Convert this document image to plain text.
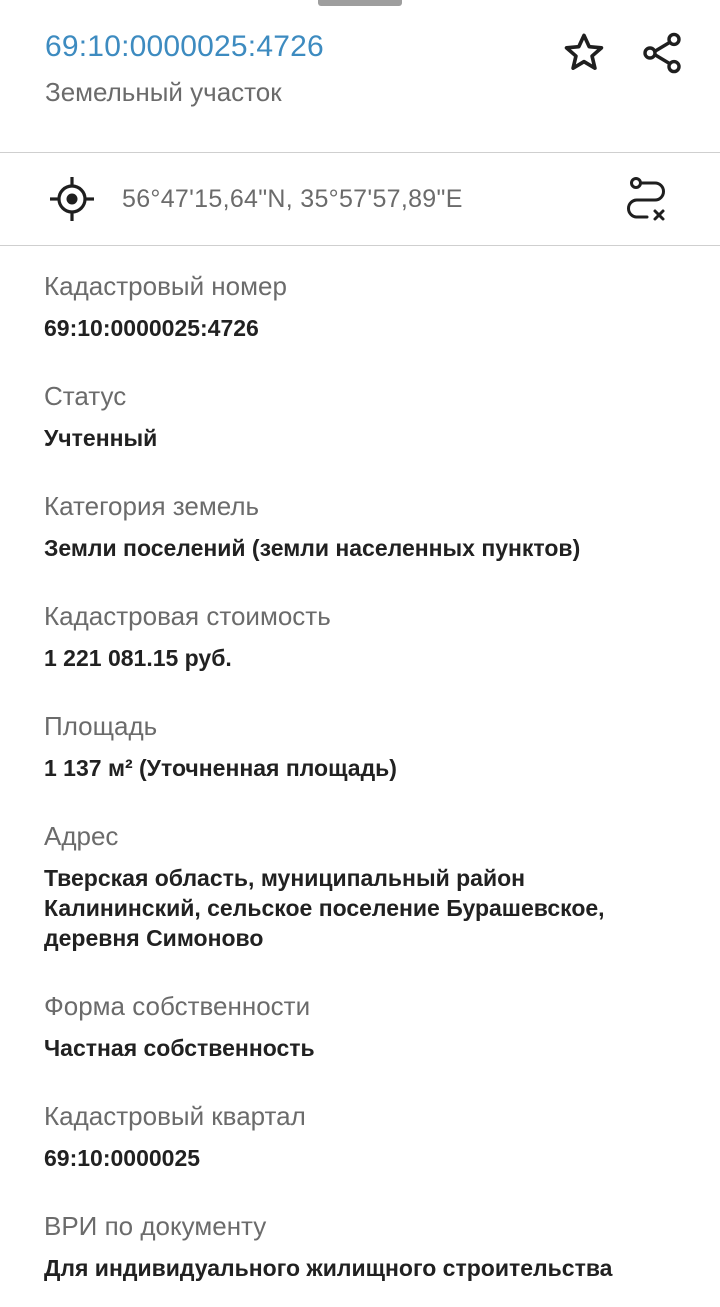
69:10:0000025:4726
Земельный участок
56°47'15,64"N, 35°57'57,89"E
Кадастровый номер
69:10:0000025:4726
Статус
Учтенный
Категория земель
Земли поселений (земли населенных пунктов)
Кадастровая стоимость
1 221 081.15 руб.
Площадь
1 137 м² (Уточненная площадь)
Адрес
Тверская область, муниципальный район Калининский, сельское поселение Бурашевское, деревня Симоново
Форма собственности
Частная собственность
Кадастровый квартал
69:10:0000025
ВРИ по документу
Для индивидуального жилищного строительства
